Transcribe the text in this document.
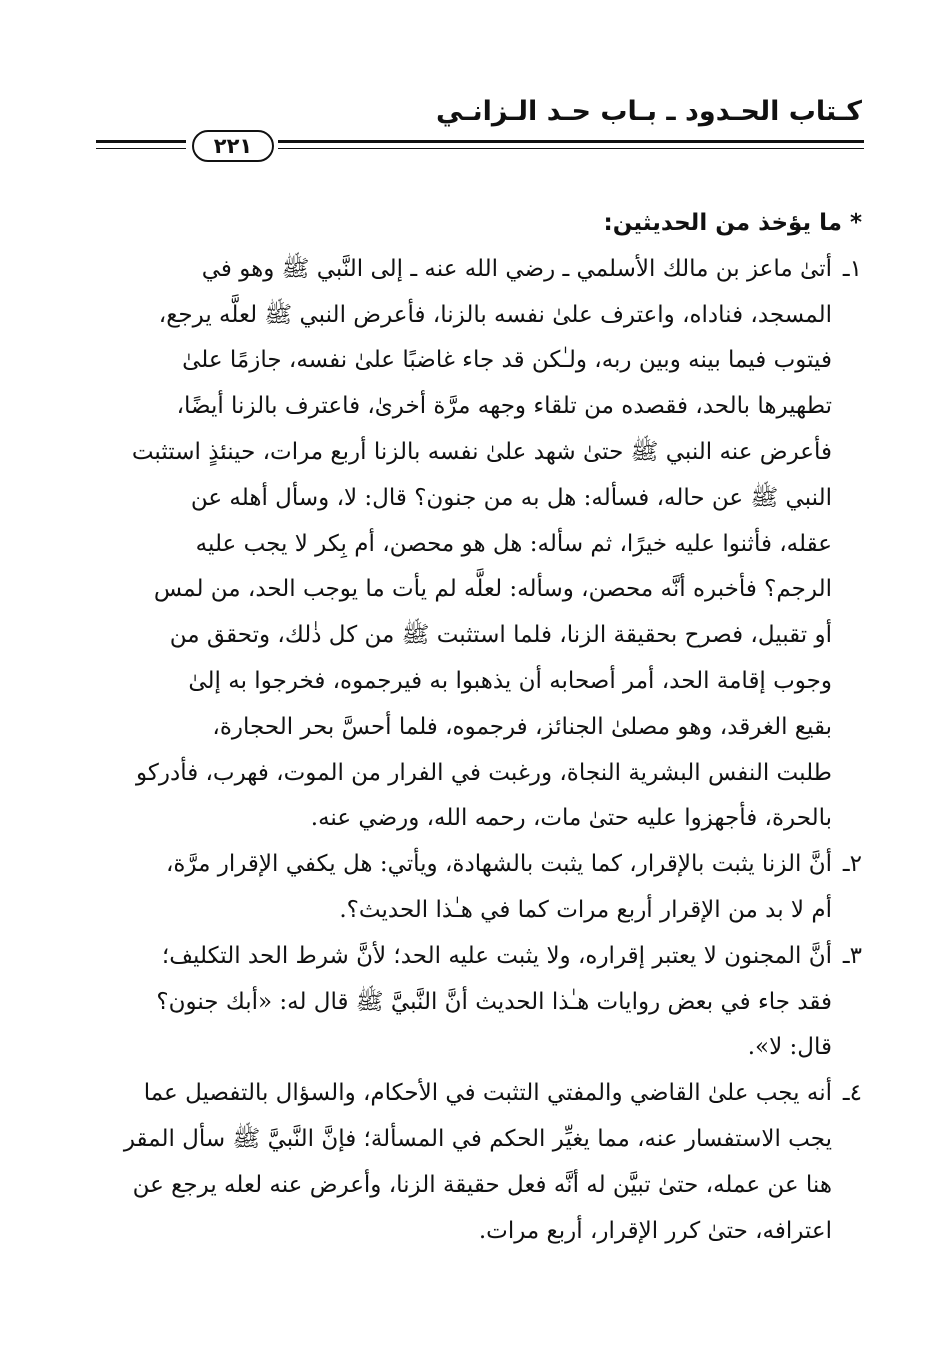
كـتاب الحـدود ـ بـاب حـد الـزانـي
٢٢١

* ما يؤخذ من الحديثين:

١ـ

أتىٰ ماعز بن مالك الأسلمي ـ رضي الله عنه ـ إلى النَّبي ﷺ وهو في

المسجد، فناداه، واعترف علىٰ نفسه بالزنا، فأعرض النبي ﷺ لعلَّه يرجع،

فيتوب فيما بينه وبين ربه، ولـٰكن قد جاء غاضبًا علىٰ نفسه، جازمًا علىٰ

تطهيرها بالحد، فقصده من تلقاء وجهه مرَّة أخرىٰ، فاعترف بالزنا أيضًا،

فأعرض عنه النبي ﷺ حتىٰ شهد علىٰ نفسه بالزنا أربع مرات، حينئذٍ استثبت

النبي ﷺ عن حاله، فسأله: هل به من جنون؟ قال: لا، وسأل أهله عن

عقله، فأثنوا عليه خيرًا، ثم سأله: هل هو محصن، أم بِكر لا يجب عليه

الرجم؟ فأخبره أنَّه محصن، وسأله: لعلَّه لم يأت ما يوجب الحد، من لمس

أو تقبيل، فصرح بحقيقة الزنا، فلما استثبت ﷺ من كل ذٰلك، وتحقق من

وجوب إقامة الحد، أمر أصحابه أن يذهبوا به فيرجموه، فخرجوا به إلىٰ

بقيع الغرقد، وهو مصلىٰ الجنائز، فرجموه، فلما أحسَّ بحر الحجارة،

طلبت النفس البشرية النجاة، ورغبت في الفرار من الموت، فهرب، فأدركو

بالحرة، فأجهزوا عليه حتىٰ مات، رحمه الله، ورضي عنه.

٢ـ

أنَّ الزنا يثبت بالإقرار، كما يثبت بالشهادة، ويأتي: هل يكفي الإقرار مرَّة،

أم لا بد من الإقرار أربع مرات كما في هـٰذا الحديث؟.

٣ـ

أنَّ المجنون لا يعتبر إقراره، ولا يثبت عليه الحد؛ لأنَّ شرط الحد التكليف؛

فقد جاء في بعض روايات هـٰذا الحديث أنَّ النَّبيَّ ﷺ قال له: «أبك جنون؟

قال: لا».

٤ـ

أنه يجب علىٰ القاضي والمفتي التثبت في الأحكام، والسؤال بالتفصيل عما

يجب الاستفسار عنه، مما يغيِّر الحكم في المسألة؛ فإنَّ النَّبيَّ ﷺ سأل المقر

هنا عن عمله، حتىٰ تبيَّن له أنَّه فعل حقيقة الزنا، وأعرض عنه لعله يرجع عن

اعترافه، حتىٰ كرر الإقرار، أربع مرات.
